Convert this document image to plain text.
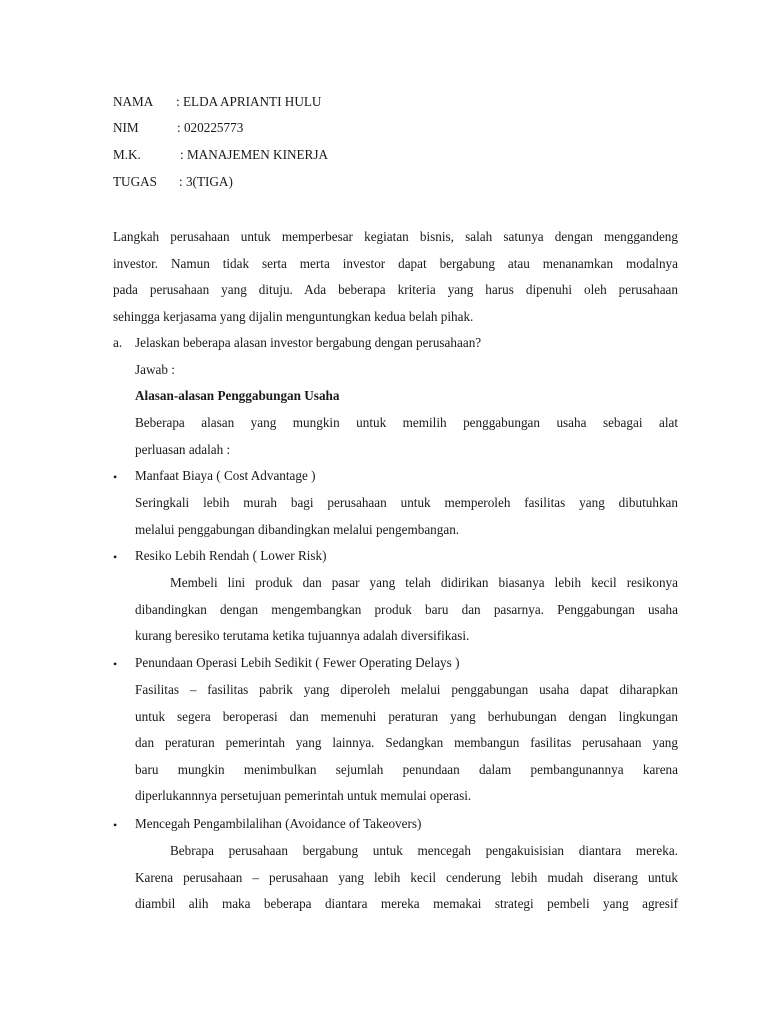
NAMA : ELDA APRIANTI HULU
NIM	: 020225773
M.K.	: MANAJEMEN KINERJA
TUGAS : 3(TIGA)
Langkah perusahaan untuk memperbesar kegiatan bisnis, salah satunya dengan menggandeng
investor. Namun tidak serta merta investor dapat bergabung atau menanamkan modalnya
pada perusahaan yang dituju. Ada beberapa kriteria yang harus dipenuhi oleh perusahaan
sehingga kerjasama yang dijalin menguntungkan kedua belah pihak.
a. Jelaskan beberapa alasan investor bergabung dengan perusahaan?
Jawab :
Alasan-alasan Penggabungan Usaha
Beberapa alasan yang mungkin untuk memilih penggabungan usaha sebagai alat
perluasan adalah :
• Manfaat Biaya ( Cost Advantage )
Seringkali lebih murah bagi perusahaan untuk memperoleh fasilitas yang dibutuhkan
melalui penggabungan dibandingkan melalui pengembangan.
• Resiko Lebih Rendah ( Lower Risk)
Membeli lini produk dan pasar yang telah didirikan biasanya lebih kecil resikonya
dibandingkan dengan mengembangkan produk baru dan pasarnya. Penggabungan usaha
kurang beresiko terutama ketika tujuannya adalah diversifikasi.
• Penundaan Operasi Lebih Sedikit ( Fewer Operating Delays )
Fasilitas – fasilitas pabrik yang diperoleh melalui penggabungan usaha dapat diharapkan
untuk segera beroperasi dan memenuhi peraturan yang berhubungan dengan lingkungan
dan peraturan pemerintah yang lainnya. Sedangkan membangun fasilitas perusahaan yang
baru mungkin menimbulkan sejumlah penundaan dalam pembangunannya karena
diperlukannnya persetujuan pemerintah untuk memulai operasi.
• Mencegah Pengambilalihan (Avoidance of Takeovers)
Bebrapa perusahaan bergabung untuk mencegah pengakuisisian diantara mereka.
Karena perusahaan – perusahaan yang lebih kecil cenderung lebih mudah diserang untuk
diambil alih maka beberapa diantara mereka memakai strategi pembeli yang agresif
